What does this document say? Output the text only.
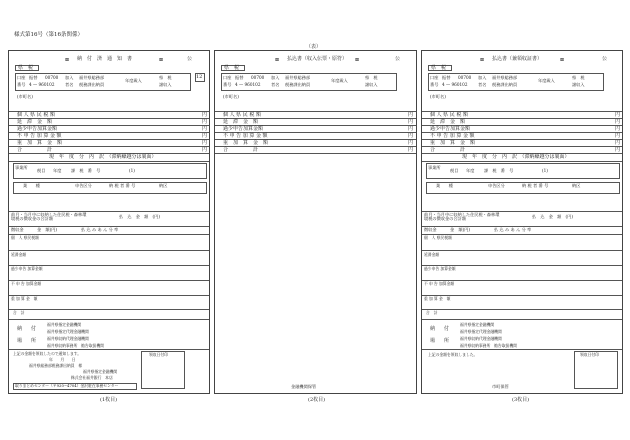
様式第16号（第16条関係）
（表）
⊠ 納　付　済　通　知　書	⊠	公
県　税
12
口座
番号
振替 00700
4 — 960102
加入
者名
福井県総務部
税務課出納員
年度歳入
県　税
諸収入
(市町名)
個 人 県 民 税 額	円
延　滞　金　額	円
過少申告加算金額	円
不 申 告 加 算 金 額	円
重　加　算　金　額	円
合　　　　　計	円
現　年　度　分　内　訳　（滞納繰越分は裏面）
事業所
税目 年度 課　税　番　号	(1)
業　　種	申告区分	納 税 者 番 号	納区
前月・当月中に収納した住民税・森林環境税の徴収金の合計額	払　込　金　額　(円)
徴収金	金　額(円)	払 込 み あ ん 分 率
個　人 県民税額
延滞金額
過少申告 加算金額
不 申 告 加算金額
重 加 算 金　額
合　計
納 付
場 所
福井県指定金融機関
福井県指定代理金融機関
福井県収納代理金融機関
福井県収納事務所　勧告取扱機関
上記の金額を領収したので通知します。
年　　月　　日
福井県総務部税務課出納員　様
福井県指定金融機関
株式会社福井銀行　本店
領収日付印
取りまとめセンター（〒920−4704）金沢駐在事務センター
⊠ 払込書（収入伝票・原符） ⊠	公
県　税
口座
番号
振替 00700
4 — 960102
加入
者名
福井県総務部
税務課出納員
年度歳入
県　税
諸収入
(市町名)
個 人 県 民 税 額	円
延　滞　金　額	円
過少申告加算金額	円
不 申 告 加 算 金 額	円
重　加　算　金　額	円
合　　　　　計	円
金融機関保管
⊠ 払込書（兼領収証書）	⊠	公
県　税
口座
番号
振替 00700
4 — 960102
加入
者名
福井県総務部
税務課出納員
年度歳入
県　税
諸収入
(市町名)
個 人 県 民 税 額	円
延　滞　金　額	円
過少申告加算金額	円
不 申 告 加 算 金 額	円
重　加　算　金　額	円
合　　　　　計	円
現　年　度　分　内　訳　（滞納繰越分は裏面）
事業所
税目 年度 課　税　番　号	(1)
業　　種	申告区分	納 税 者 番 号	納区
前月・当月中に収納した住民税・森林環境税の徴収金の合計額	払　込　金　額　(円)
徴収金	金　額(円)	払 込 み あ ん 分 率
個　人 県民税額
延滞金額
過少申告 加算金額
不 申 告 加算金額
重 加 算 金　額
合　計
納 付
場 所
福井県指定金融機関
福井県指定代理金融機関
福井県収納代理金融機関
福井県収納事務所　勧告取扱機関
上記の金額を領収しました。	領収日付印
市町保管
(1枚目)	(2枚目)	(3枚目)
